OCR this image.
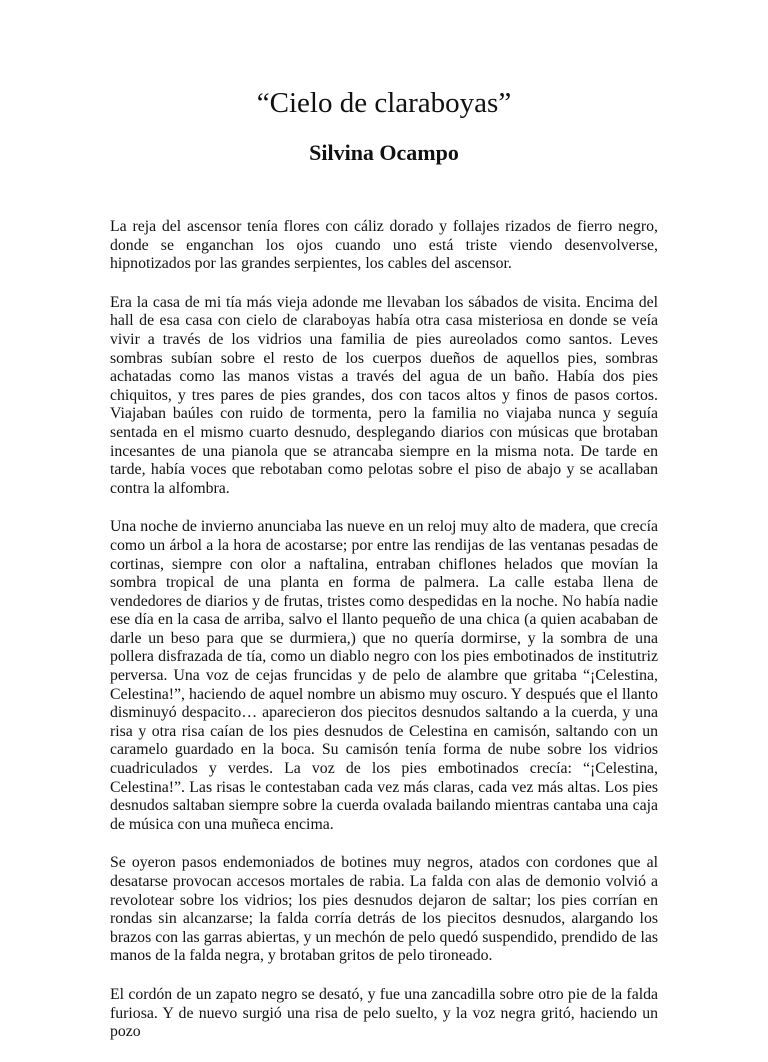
“Cielo de claraboyas”
Silvina Ocampo

La reja del ascensor tenía flores con cáliz dorado y follajes rizados de fierro negro, donde se enganchan los ojos cuando uno está triste viendo desenvolverse, hipnotizados por las grandes serpientes, los cables del ascensor.

Era la casa de mi tía más vieja adonde me llevaban los sábados de visita. Encima del hall de esa casa con cielo de claraboyas había otra casa misteriosa en donde se veía vivir a través de los vidrios una familia de pies aureolados como santos. Leves sombras subían sobre el resto de los cuerpos dueños de aquellos pies, sombras achatadas como las manos vistas a través del agua de un baño. Había dos pies chiquitos, y tres pares de pies grandes, dos con tacos altos y finos de pasos cortos. Viajaban baúles con ruido de tormenta, pero la familia no viajaba nunca y seguía sentada en el mismo cuarto desnudo, desplegando diarios con músicas que brotaban incesantes de una pianola que se atrancaba siempre en la misma nota. De tarde en tarde, había voces que rebotaban como pelotas sobre el piso de abajo y se acallaban contra la alfombra.

Una noche de invierno anunciaba las nueve en un reloj muy alto de madera, que crecía como un árbol a la hora de acostarse; por entre las rendijas de las ventanas pesadas de cortinas, siempre con olor a naftalina, entraban chiflones helados que movían la sombra tropical de una planta en forma de palmera. La calle estaba llena de vendedores de diarios y de frutas, tristes como despedidas en la noche. No había nadie ese día en la casa de arriba, salvo el llanto pequeño de una chica (a quien acababan de darle un beso para que se durmiera,) que no quería dormirse, y la sombra de una pollera disfrazada de tía, como un diablo negro con los pies embotinados de institutriz perversa. Una voz de cejas fruncidas y de pelo de alambre que gritaba “¡Celestina, Celestina!”, haciendo de aquel nombre un abismo muy oscuro. Y después que el llanto disminuyó despacito… aparecieron dos piecitos desnudos saltando a la cuerda, y una risa y otra risa caían de los pies desnudos de Celestina en camisón, saltando con un caramelo guardado en la boca. Su camisón tenía forma de nube sobre los vidrios cuadriculados y verdes. La voz de los pies embotinados crecía: “¡Celestina, Celestina!”. Las risas le contestaban cada vez más claras, cada vez más altas. Los pies desnudos saltaban siempre sobre la cuerda ovalada bailando mientras cantaba una caja de música con una muñeca encima.

Se oyeron pasos endemoniados de botines muy negros, atados con cordones que al desatarse provocan accesos mortales de rabia. La falda con alas de demonio volvió a revolotear sobre los vidrios; los pies desnudos dejaron de saltar; los pies corrían en rondas sin alcanzarse; la falda corría detrás de los piecitos desnudos, alargando los brazos con las garras abiertas, y un mechón de pelo quedó suspendido, prendido de las manos de la falda negra, y brotaban gritos de pelo tironeado.

El cordón de un zapato negro se desató, y fue una zancadilla sobre otro pie de la falda furiosa. Y de nuevo surgió una risa de pelo suelto, y la voz negra gritó, haciendo un pozo
